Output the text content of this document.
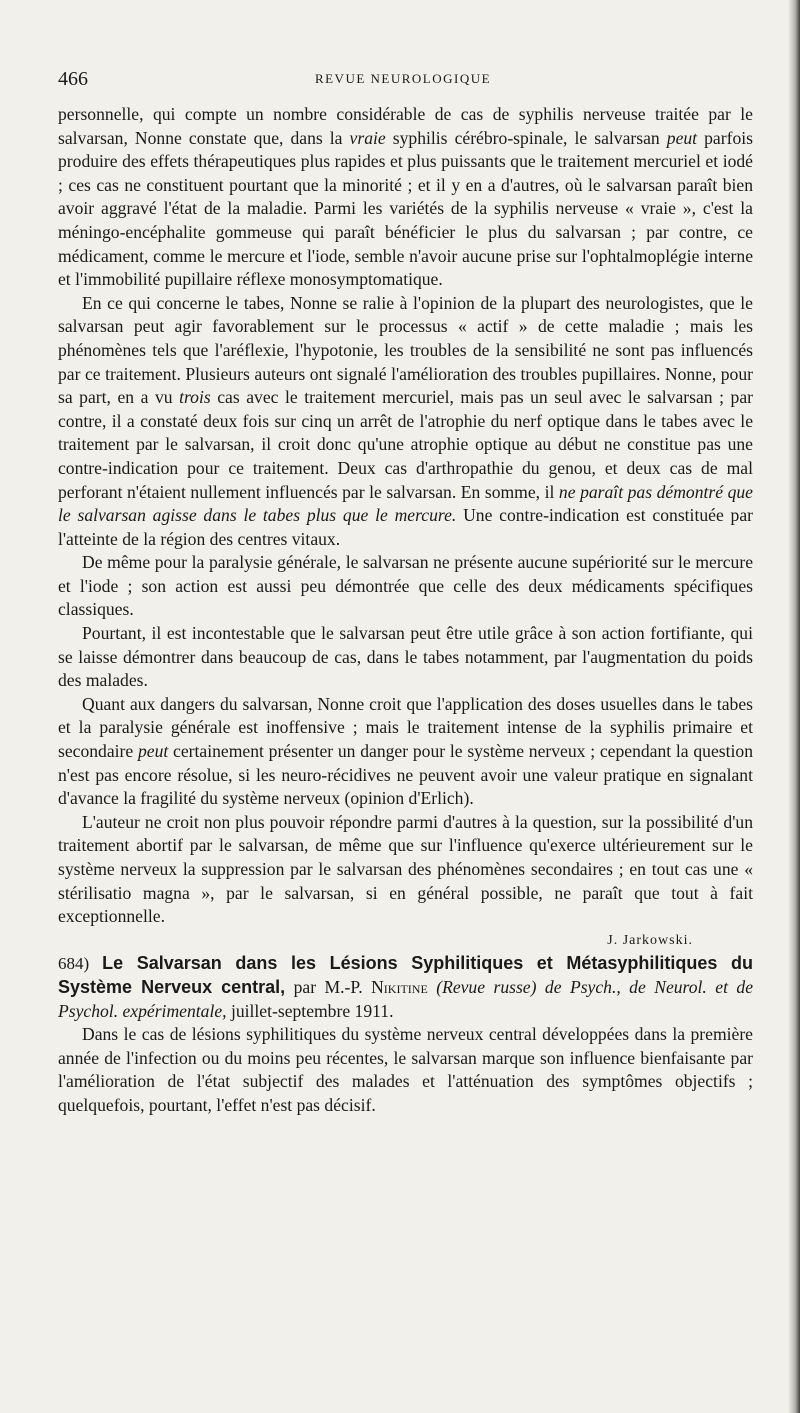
466	REVUE NEUROLOGIQUE

personnelle, qui compte un nombre considérable de cas de syphilis nerveuse traitée par le salvarsan, Nonne constate que, dans la vraie syphilis cérébro-spinale, le salvarsan peut parfois produire des effets thérapeutiques plus rapides et plus puissants que le traitement mercuriel et iodé ; ces cas ne constituent pourtant que la minorité ; et il y en a d'autres, où le salvarsan paraît bien avoir aggravé l'état de la maladie. Parmi les variétés de la syphilis nerveuse « vraie », c'est la méningo-encéphalite gommeuse qui paraît bénéficier le plus du salvarsan ; par contre, ce médicament, comme le mercure et l'iode, semble n'avoir aucune prise sur l'ophtalmoplégie interne et l'immobilité pupillaire réflexe monosymptomatique.

En ce qui concerne le tabes, Nonne se ralie à l'opinion de la plupart des neurologistes, que le salvarsan peut agir favorablement sur le processus « actif » de cette maladie ; mais les phénomènes tels que l'aréflexie, l'hypotonie, les troubles de la sensibilité ne sont pas influencés par ce traitement. Plusieurs auteurs ont signalé l'amélioration des troubles pupillaires. Nonne, pour sa part, en a vu trois cas avec le traitement mercuriel, mais pas un seul avec le salvarsan ; par contre, il a constaté deux fois sur cinq un arrêt de l'atrophie du nerf optique dans le tabes avec le traitement par le salvarsan, il croit donc qu'une atrophie optique au début ne constitue pas une contre-indication pour ce traitement. Deux cas d'arthropathie du genou, et deux cas de mal perforant n'étaient nullement influencés par le salvarsan. En somme, il ne paraît pas démontré que le salvarsan agisse dans le tabes plus que le mercure. Une contre-indication est constituée par l'atteinte de la région des centres vitaux.

De même pour la paralysie générale, le salvarsan ne présente aucune supériorité sur le mercure et l'iode ; son action est aussi peu démontrée que celle des deux médicaments spécifiques classiques.

Pourtant, il est incontestable que le salvarsan peut être utile grâce à son action fortifiante, qui se laisse démontrer dans beaucoup de cas, dans le tabes notamment, par l'augmentation du poids des malades.

Quant aux dangers du salvarsan, Nonne croit que l'application des doses usuelles dans le tabes et la paralysie générale est inoffensive ; mais le traitement intense de la syphilis primaire et secondaire peut certainement présenter un danger pour le système nerveux ; cependant la question n'est pas encore résolue, si les neuro-récidives ne peuvent avoir une valeur pratique en signalant d'avance la fragilité du système nerveux (opinion d'Erlich).

L'auteur ne croit non plus pouvoir répondre parmi d'autres à la question, sur la possibilité d'un traitement abortif par le salvarsan, de même que sur l'influence qu'exerce ultérieurement sur le système nerveux la suppression par le salvarsan des phénomènes secondaires ; en tout cas une « stérilisatio magna », par le salvarsan, si en général possible, ne paraît que tout à fait exceptionnelle.

J. Jarkowski.

684) Le Salvarsan dans les Lésions Syphilitiques et Métasyphilitiques du Système Nerveux central, par M.-P. Nikitine (Revue russe) de Psych., de Neurol. et de Psychol. expérimentale, juillet-septembre 1911.

Dans le cas de lésions syphilitiques du système nerveux central développées dans la première année de l'infection ou du moins peu récentes, le salvarsan marque son influence bienfaisante par l'amélioration de l'état subjectif des malades et l'atténuation des symptômes objectifs ; quelquefois, pourtant, l'effet n'est pas décisif.
